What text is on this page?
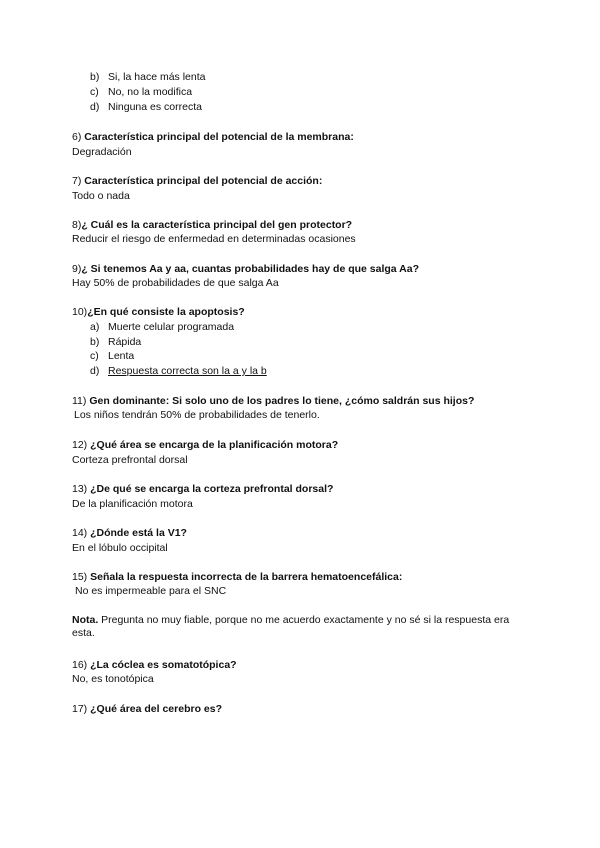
b) Si, la hace más lenta
c) No, no la modifica
d) Ninguna es correcta
6) Característica principal del potencial de la membrana:
Degradación
7) Característica principal del potencial de acción:
Todo o nada
8)¿ Cuál es la característica principal del gen protector?
Reducir el riesgo de enfermedad en determinadas ocasiones
9)¿ Si tenemos Aa y aa, cuantas probabilidades hay de que salga Aa?
Hay 50% de probabilidades de que salga Aa
10)¿En qué consiste la apoptosis?
a) Muerte celular programada
b) Rápida
c) Lenta
d) Respuesta correcta son la a y la b
11) Gen dominante: Si solo uno de los padres lo tiene, ¿cómo saldrán sus hijos?
Los niños tendrán 50% de probabilidades de tenerlo.
12) ¿Qué área se encarga de la planificación motora?
Corteza prefrontal dorsal
13) ¿De qué se encarga la corteza prefrontal dorsal?
De la planificación motora
14) ¿Dónde está la V1?
En el lóbulo occipital
15) Señala la respuesta incorrecta de la barrera hematoencefálica:
No es impermeable para el SNC
Nota. Pregunta no muy fiable, porque no me acuerdo exactamente y no sé si la respuesta era esta.
16) ¿La cóclea es somatotópica?
No, es tonotópica
17) ¿Qué área del cerebro es?
